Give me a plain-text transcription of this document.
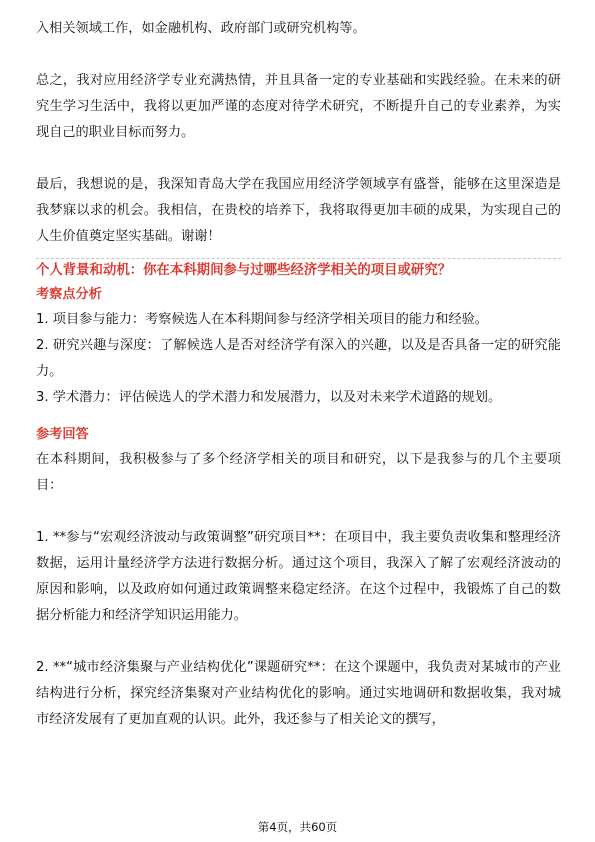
入相关领域工作，如金融机构、政府部门或研究机构等。

总之，我对应用经济学专业充满热情，并且具备一定的专业基础和实践经验。在未来的研究生学习生活中，我将以更加严谨的态度对待学术研究，不断提升自己的专业素养，为实现自己的职业目标而努力。

最后，我想说的是，我深知青岛大学在我国应用经济学领域享有盛誉，能够在这里深造是我梦寐以求的机会。我相信，在贵校的培养下，我将取得更加丰硕的成果，为实现自己的人生价值奠定坚实基础。谢谢！

个人背景和动机：你在本科期间参与过哪些经济学相关的项目或研究？
考察点分析

1. 项目参与能力：考察候选人在本科期间参与经济学相关项目的能力和经验。

2. 研究兴趣与深度：了解候选人是否对经济学有深入的兴趣，以及是否具备一定的研究能力。

3. 学术潜力：评估候选人的学术潜力和发展潜力，以及对未来学术道路的规划。

参考回答

在本科期间，我积极参与了多个经济学相关的项目和研究，以下是我参与的几个主要项目：

1. **参与“宏观经济波动与政策调整”研究项目**：在项目中，我主要负责收集和整理经济数据，运用计量经济学方法进行数据分析。通过这个项目，我深入了解了宏观经济波动的原因和影响，以及政府如何通过政策调整来稳定经济。在这个过程中，我锻炼了自己的数据分析能力和经济学知识运用能力。

2. **“城市经济集聚与产业结构优化”课题研究**：在这个课题中，我负责对某城市的产业结构进行分析，探究经济集聚对产业结构优化的影响。通过实地调研和数据收集，我对城市经济发展有了更加直观的认识。此外，我还参与了相关论文的撰写，

第4页，共60页
